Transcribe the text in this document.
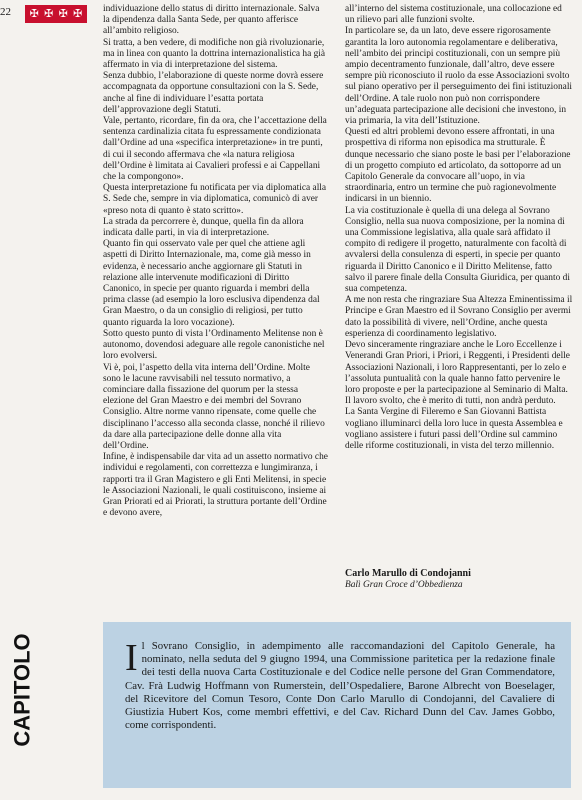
22 ✠ ✠ ✠ ✠ individuazione dello status di diritto internazionale. Salva la dipendenza dalla Santa Sede, per quanto afferisce all’ambito religioso.

Si tratta, a ben vedere, di modifiche non già rivoluzionarie, ma in linea con quanto la dottrina internazionalistica ha già affermato in via di interpretazione del sistema.

Senza dubbio, l’elaborazione di queste norme dovrà essere accompagnata da opportune consultazioni con la S. Sede, anche al fine di individuare l’esatta portata dell’approvazione degli Statuti.

Vale, pertanto, ricordare, fin da ora, che l’accettazione della sentenza cardinalizia citata fu espressamente condizionata dall’Ordine ad una «specifica interpretazione» in tre punti, di cui il secondo affermava che «la natura religiosa dell’Ordine è limitata ai Cavalieri professi e ai Cappellani che la compongono».

Questa interpretazione fu notificata per via diplomatica alla S. Sede che, sempre in via diplomatica, comunicò di aver «preso nota di quanto è stato scritto».

La strada da percorrere è, dunque, quella fin da allora indicata dalle parti, in via di interpretazione.

Quanto fin qui osservato vale per quel che attiene agli aspetti di Diritto Internazionale, ma, come già messo in evidenza, è necessario anche aggiornare gli Statuti in relazione alle intervenute modificazioni di Diritto Canonico, in specie per quanto riguarda i membri della prima classe (ad esempio la loro esclusiva dipendenza dal Gran Maestro, o da un consiglio di religiosi, per tutto quanto riguarda la loro vocazione).

Sotto questo punto di vista l’Ordinamento Melitense non è autonomo, dovendosi adeguare alle regole canonistiche nel loro evolversi.

Vi è, poi, l’aspetto della vita interna dell’Ordine. Molte sono le lacune ravvisabili nel tessuto normativo, a cominciare dalla fissazione del quorum per la stessa elezione del Gran Maestro e dei membri del Sovrano Consiglio. Altre norme vanno ripensate, come quelle che disciplinano l’accesso alla seconda classe, nonché il rilievo da dare alla partecipazione delle donne alla vita dell’Ordine.

Infine, è indispensabile dar vita ad un assetto normativo che individui e regolamenti, con correttezza e lungimiranza, i rapporti tra il Gran Magistero e gli Enti Melitensi, in specie le Associazioni Nazionali, le quali costituiscono, insieme ai Gran Priorati ed ai Priorati, la struttura portante dell’Ordine e devono avere,

all’interno del sistema costituzionale, una collocazione ed un rilievo pari alle funzioni svolte.

In particolare se, da un lato, deve essere rigorosamente garantita la loro autonomia regolamentare e deliberativa, nell’ambito dei principi costituzionali, con un sempre più ampio decentramento funzionale, dall’altro, deve essere sempre più riconosciuto il ruolo da esse Associazioni svolto sul piano operativo per il perseguimento dei fini istituzionali dell’Ordine. A tale ruolo non può non corrispondere un’adeguata partecipazione alle decisioni che investono, in via primaria, la vita dell’Istituzione.

Questi ed altri problemi devono essere affrontati, in una prospettiva di riforma non episodica ma strutturale. È dunque necessario che siano poste le basi per l’elaborazione di un progetto compiuto ed articolato, da sottoporre ad un Capitolo Generale da convocare all’uopo, in via straordinaria, entro un termine che può ragionevolmente indicarsi in un biennio.

La via costituzionale è quella di una delega al Sovrano Consiglio, nella sua nuova composizione, per la nomina di una Commissione legislativa, alla quale sarà affidato il compito di redigere il progetto, naturalmente con facoltà di avvalersi della consulenza di esperti, in specie per quanto riguarda il Diritto Canonico e il Diritto Melitense, fatto salvo il parere finale della Consulta Giuridica, per quanto di sua competenza.

A me non resta che ringraziare Sua Altezza Eminentissima il Principe e Gran Maestro ed il Sovrano Consiglio per avermi dato la possibilità di vivere, nell’Ordine, anche questa esperienza di coordinamento legislativo.

Devo sinceramente ringraziare anche le Loro Eccellenze i Venerandi Gran Priori, i Priori, i Reggenti, i Presidenti delle Associazioni Nazionali, i loro Rappresentanti, per lo zelo e l’assoluta puntualità con la quale hanno fatto pervenire le loro proposte e per la partecipazione al Seminario di Malta. Il lavoro svolto, che è merito di tutti, non andrà perduto.

La Santa Vergine di Fileremo e San Giovanni Battista vogliano illuminarci della loro luce in questa Assemblea e vogliano assistere i futuri passi dell’Ordine sul cammino delle riforme costituzionali, in vista del terzo millennio.

Carlo Marullo di Condojanni
Balì Gran Croce d’Obbedienza
CAPITOLO Il Sovrano Consiglio, in adempimento alle raccomandazioni del Capitolo Generale, ha nominato, nella seduta del 9 giugno 1994, una Commissione paritetica per la redazione finale dei testi della nuova Carta Costituzionale e del Codice nelle persone del Gran Commendatore, Cav. Frà Ludwig Hoffmann von Rumerstein, dell’Ospedaliere, Barone Albrecht von Boeselager, del Ricevitore del Comun Tesoro, Conte Don Carlo Marullo di Condojanni, del Cavaliere di Giustizia Hubert Kos, come membri effettivi, e del Cav. Richard Dunn del Cav. James Gobbo, come corrispondenti.
